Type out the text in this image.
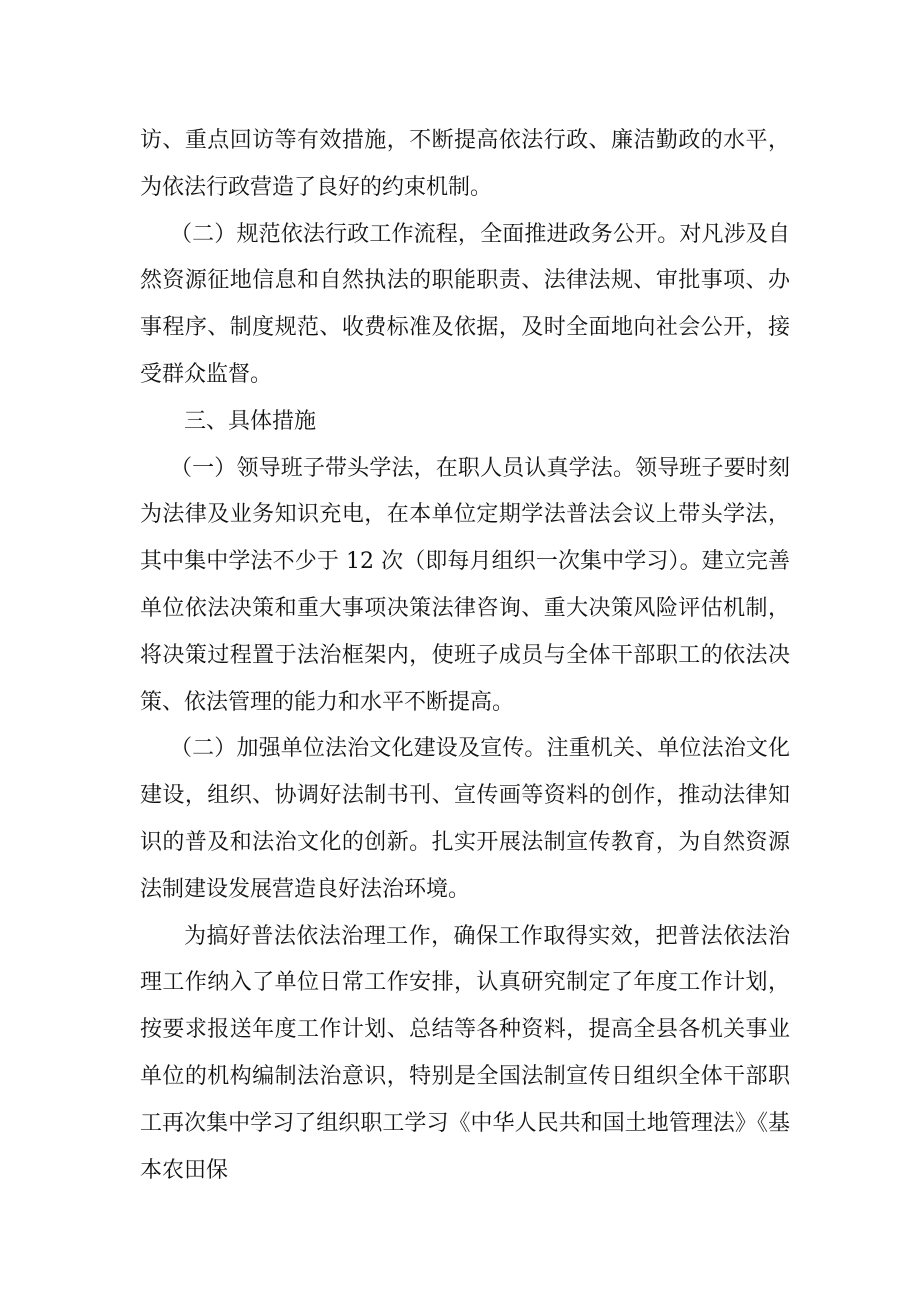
访、重点回访等有效措施，不断提高依法行政、廉洁勤政的水平，为依法行政营造了良好的约束机制。

（二）规范依法行政工作流程，全面推进政务公开。对凡涉及自然资源征地信息和自然执法的职能职责、法律法规、审批事项、办事程序、制度规范、收费标准及依据，及时全面地向社会公开，接受群众监督。

三、具体措施

（一）领导班子带头学法，在职人员认真学法。领导班子要时刻为法律及业务知识充电，在本单位定期学法普法会议上带头学法，其中集中学法不少于 12 次（即每月组织一次集中学习）。建立完善单位依法决策和重大事项决策法律咨询、重大决策风险评估机制，将决策过程置于法治框架内，使班子成员与全体干部职工的依法决策、依法管理的能力和水平不断提高。

（二）加强单位法治文化建设及宣传。注重机关、单位法治文化建设，组织、协调好法制书刊、宣传画等资料的创作，推动法律知识的普及和法治文化的创新。扎实开展法制宣传教育，为自然资源法制建设发展营造良好法治环境。

为搞好普法依法治理工作，确保工作取得实效，把普法依法治理工作纳入了单位日常工作安排，认真研究制定了年度工作计划，按要求报送年度工作计划、总结等各种资料，提高全县各机关事业单位的机构编制法治意识，特别是全国法制宣传日组织全体干部职工再次集中学习了组织职工学习《中华人民共和国土地管理法》《基本农田保
